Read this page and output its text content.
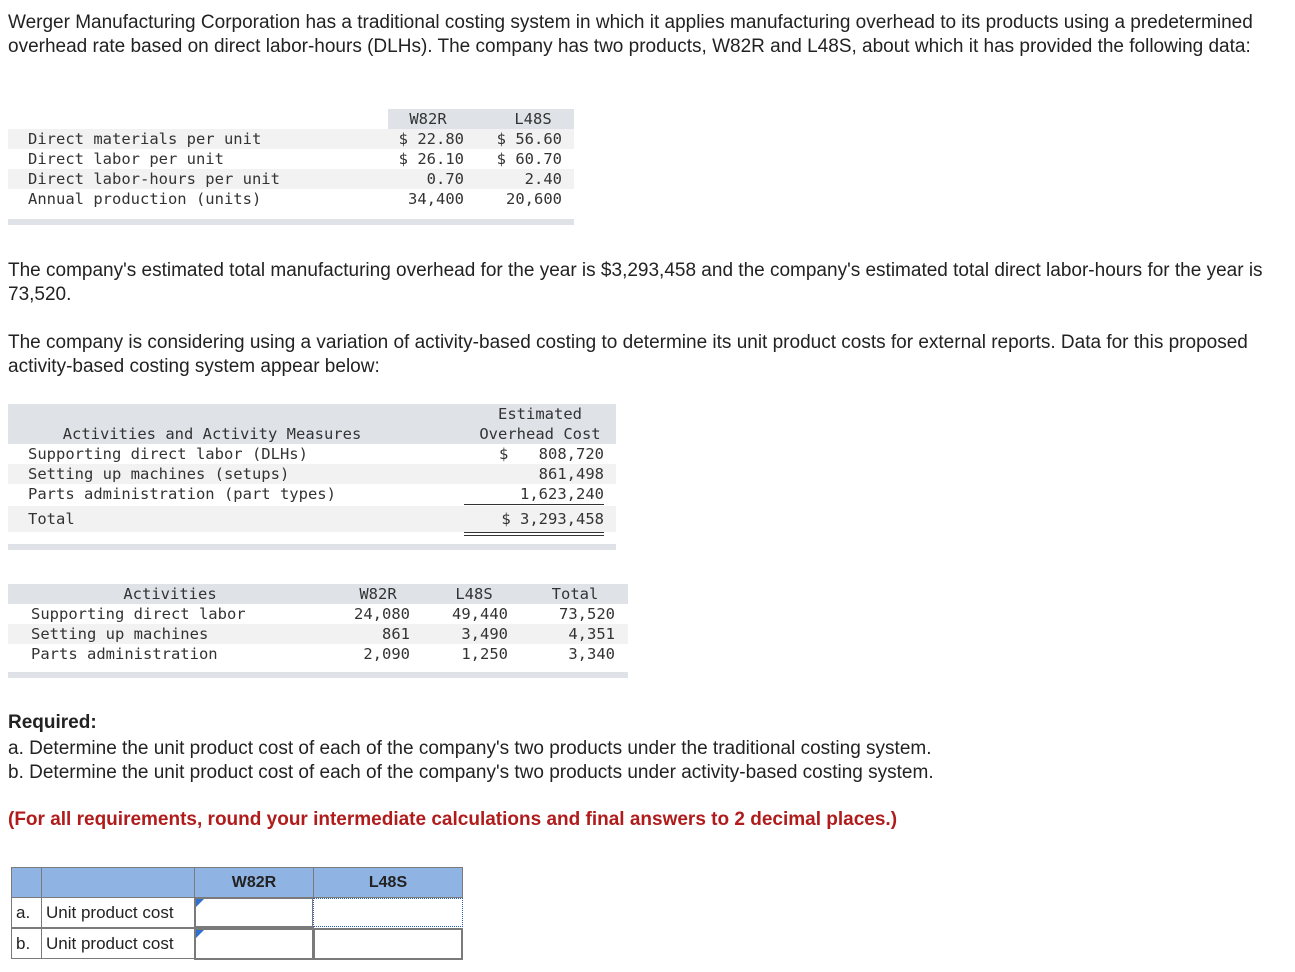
Werger Manufacturing Corporation has a traditional costing system in which it applies manufacturing overhead to its products using a predetermined overhead rate based on direct labor-hours (DLHs). The company has two products, W82R and L48S, about which it has provided the following data:
W82R	L48S
Direct materials per unit	$ 22.80	$ 56.60
Direct labor per unit	$ 26.10	$ 60.70
Direct labor-hours per unit	0.70	2.40
Annual production (units)	34,400	20,600
The company's estimated total manufacturing overhead for the year is $3,293,458 and the company's estimated total direct labor-hours for the year is 73,520.
The company is considering using a variation of activity-based costing to determine its unit product costs for external reports. Data for this proposed activity-based costing system appear below:
Activities and Activity Measures
Estimated
Overhead Cost
Supporting direct labor (DLHs)	$	808,720
Setting up machines (setups)	861,498
Parts administration (part types)	1,623,240
Total	$ 3,293,458
Activities	W82R	L48S	Total
Supporting direct labor	24,080	49,440	73,520
Setting up machines	861	3,490	4,351
Parts administration	2,090	1,250	3,340
Required:
a. Determine the unit product cost of each of the company's two products under the traditional costing system.
b. Determine the unit product cost of each of the company's two products under activity-based costing system.
(For all requirements, round your intermediate calculations and final answers to 2 decimal places.)
W82R	L48S
a. Unit product cost
b. Unit product cost
